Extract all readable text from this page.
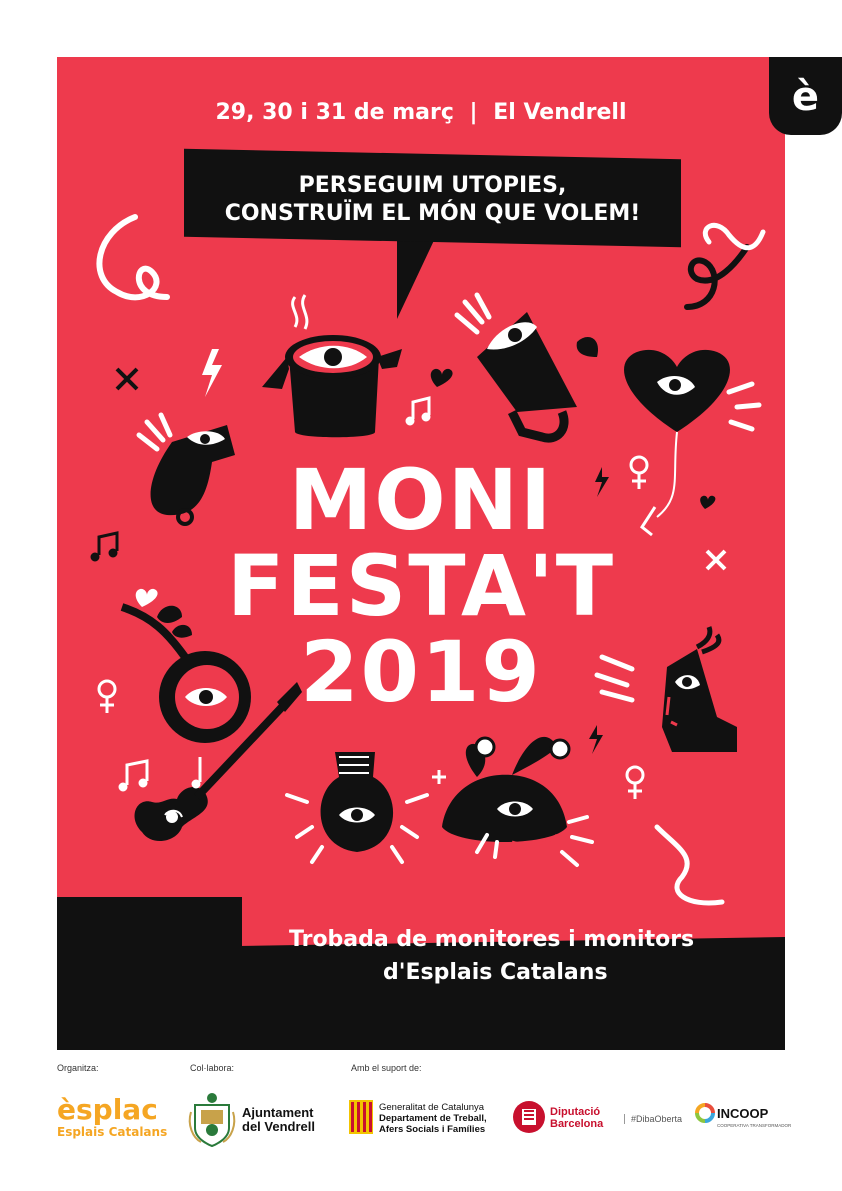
è
29, 30 i 31 de març | El Vendrell
PERSEGUIM UTOPIES,
CONSTRUÏM EL MÓN QUE VOLEM!
MONI
FESTA'T
2019
Trobada de monitores i monitors
d'Esplais Catalans
Organitza:	Col·labora:	Amb el suport de:
èsplac
Esplais Catalans
Ajuntament
del Vendrell
Generalitat de Catalunya
Departament de Treball,
Afers Socials i Famílies
Diputació
Barcelona	#DibaOberta	INCOOP
COOPERATIVA TRANSFORMADOR
